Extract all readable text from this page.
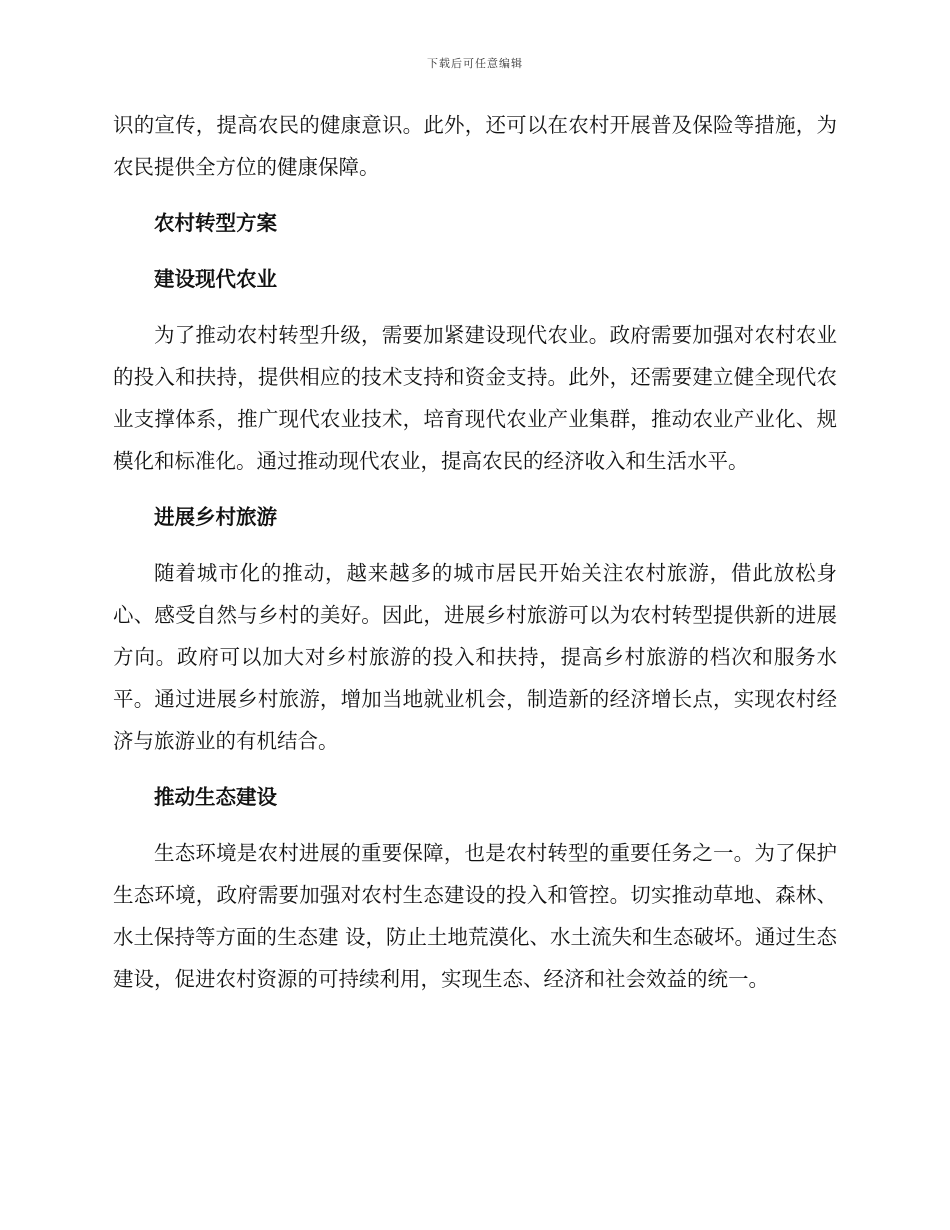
下载后可任意编辑

识的宣传，提高农民的健康意识。此外，还可以在农村开展普及保险等措施，为农民提供全方位的健康保障。

农村转型方案
建设现代农业

为了推动农村转型升级，需要加紧建设现代农业。政府需要加强对农村农业的投入和扶持，提供相应的技术支持和资金支持。此外，还需要建立健全现代农业支撑体系，推广现代农业技术，培育现代农业产业集群，推动农业产业化、规模化和标准化。通过推动现代农业，提高农民的经济收入和生活水平。

进展乡村旅游

随着城市化的推动，越来越多的城市居民开始关注农村旅游，借此放松身心、感受自然与乡村的美好。因此，进展乡村旅游可以为农村转型提供新的进展方向。政府可以加大对乡村旅游的投入和扶持，提高乡村旅游的档次和服务水平。通过进展乡村旅游，增加当地就业机会，制造新的经济增长点，实现农村经济与旅游业的有机结合。

推动生态建设

生态环境是农村进展的重要保障，也是农村转型的重要任务之一。为了保护生态环境，政府需要加强对农村生态建设的投入和管控。切实推动草地、森林、水土保持等方面的生态建 设，防止土地荒漠化、水土流失和生态破坏。通过生态建设，促进农村资源的可持续利用，实现生态、经济和社会效益的统一。
